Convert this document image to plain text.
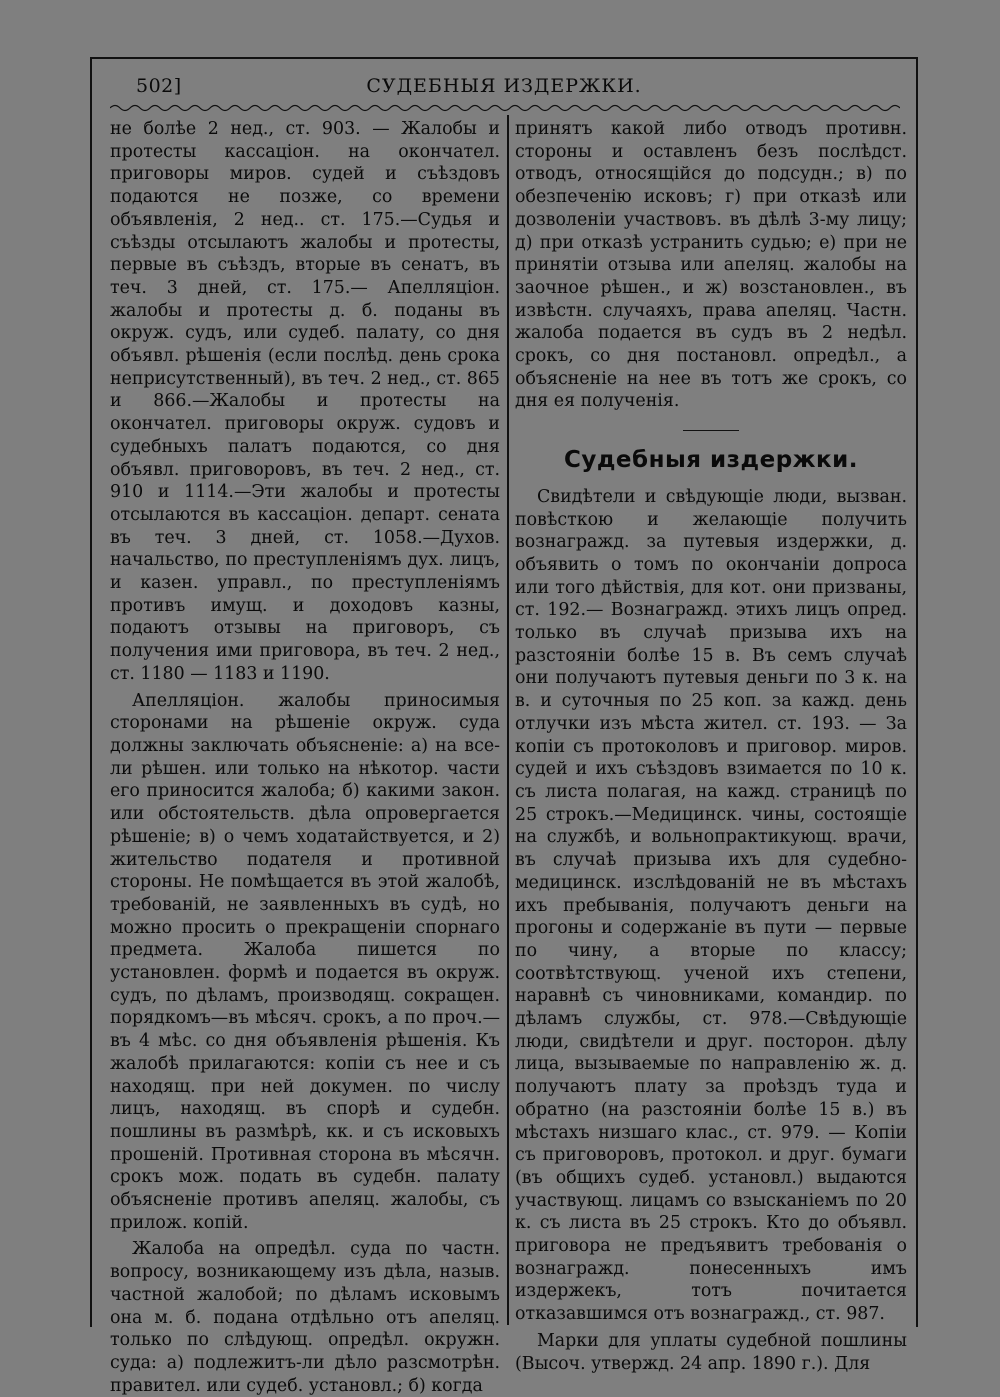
502]	СУДЕБНЫЯ ИЗДЕРЖКИ.

не болѣе 2 нед., ст. 903. — Жалобы и протесты кассаціон. на окончател. приговоры миров. судей и съѣздовъ подаются не позже, со времени объявленія, 2 нед.. ст. 175.—Судья и съѣзды отсылаютъ жалобы и протесты, первые въ съѣздъ, вторые въ сенатъ, въ теч. 3 дней, ст. 175.— Апелляціон. жалобы и протесты д. б. поданы въ окруж. судъ, или судеб. палату, со дня объявл. рѣшенія (если послѣд. день срока неприсутственный), въ теч. 2 нед., ст. 865 и 866.—Жалобы и протесты на окончател. приговоры окруж. судовъ и судебныхъ палатъ подаются, со дня объявл. приговоровъ, въ теч. 2 нед., ст. 910 и 1114.—Эти жалобы и протесты отсылаются въ кассаціон. департ. сената въ теч. 3 дней, ст. 1058.—Духов. начальство, по преступленіямъ дух. лицъ, и казен. управл., по преступленіямъ противъ имущ. и доходовъ казны, подаютъ отзывы на приговоръ, съ получения ими приговора, въ теч. 2 нед., ст. 1180 — 1183 и 1190.

Апелляціон. жалобы приносимыя сторонами на рѣшеніе окруж. суда должны заключать объясненіе: а) на все-ли рѣшен. или только на нѣкотор. части его приносится жалоба; б) какими закон. или обстоятельств. дѣла опровергается рѣшеніе; в) о чемъ ходатайствуется, и 2) жительство подателя и противной стороны. Не помѣщается въ этой жалобѣ, требованій, не заявленныхъ въ судѣ, но можно просить о прекращеніи спорнаго предмета. Жалоба пишется по установлен. формѣ и подается въ окруж. судъ, по дѣламъ, производящ. сокращен. порядкомъ—въ мѣсяч. срокъ, а по проч.— въ 4 мѣс. со дня объявленія рѣшенія. Къ жалобѣ прилагаются: копіи съ нее и съ находящ. при ней докумен. по числу лицъ, находящ. въ спорѣ и судебн. пошлины въ размѣрѣ, кк. и съ исковыхъ прошеній. Противная сторона въ мѣсячн. срокъ мож. подать въ судебн. палату объясненіе противъ апеляц. жалобы, съ прилож. копій.

Жалоба на опредѣл. суда по частн. вопросу, возникающему изъ дѣла, назыв. частной жалобой; по дѣламъ исковымъ она м. б. подана отдѣльно отъ апеляц. только по слѣдующ. опредѣл. окружн. суда: а) подлежитъ-ли дѣло разсмотрѣн. правител. или судеб. установл.; б) когда

принятъ какой либо отводъ противн. стороны и оставленъ безъ послѣдст. отводъ, относящійся до подсудн.; в) по обезпеченію исковъ; г) при отказѣ или дозволеніи участвовъ. въ дѣлѣ 3-му лицу; д) при отказѣ устранить судью; е) при не принятіи отзыва или апеляц. жалобы на заочное рѣшен., и ж) возстановлен., въ извѣстн. случаяхъ, права апеляц. Частн. жалоба подается въ судъ въ 2 недѣл. срокъ, со дня постановл. опредѣл., а объясненіе на нее въ тотъ же срокъ, со дня ея полученія.

Судебныя издержки.

Свидѣтели и свѣдующіе люди, вызван. повѣсткою и желающіе получить вознагражд. за путевыя издержки, д. объявить о томъ по окончаніи допроса или того дѣйствія, для кот. они призваны, ст. 192.— Вознагражд. этихъ лицъ опред. только въ случаѣ призыва ихъ на разстояніи болѣе 15 в. Въ семъ случаѣ они получаютъ путевыя деньги по 3 к. на в. и суточныя по 25 коп. за кажд. день отлучки изъ мѣста жител. ст. 193. — За копіи съ протоколовъ и приговор. миров. судей и ихъ съѣздовъ взимается по 10 к. съ листа полагая, на кажд. страницѣ по 25 строкъ.—Медицинск. чины, состоящіе на службѣ, и вольнопрактикующ. врачи, въ случаѣ призыва ихъ для судебно-медицинск. изслѣдованій не въ мѣстахъ ихъ пребыванія, получаютъ деньги на прогоны и содержаніе въ пути — первые по чину, а вторые по классу; соотвѣтствующ. ученой ихъ степени, наравнѣ съ чиновниками, командир. по дѣламъ службы, ст. 978.—Свѣдующіе люди, свидѣтели и друг. посторон. дѣлу лица, вызываемые по направленію ж. д. получаютъ плату за проѣздъ туда и обратно (на разстояніи болѣе 15 в.) въ мѣстахъ низшаго клас., ст. 979. — Копіи съ приговоровъ, протокол. и друг. бумаги (въ общихъ судеб. установл.) выдаются участвующ. лицамъ со взысканіемъ по 20 к. съ листа въ 25 строкъ. Кто до объявл. приговора не предъявитъ требованія о вознагражд. понесенныхъ имъ издержекъ, тотъ почитается отказавшимся отъ вознагражд., ст. 987.

Марки для уплаты судебной пошлины (Высоч. утвержд. 24 апр. 1890 г.). Для
